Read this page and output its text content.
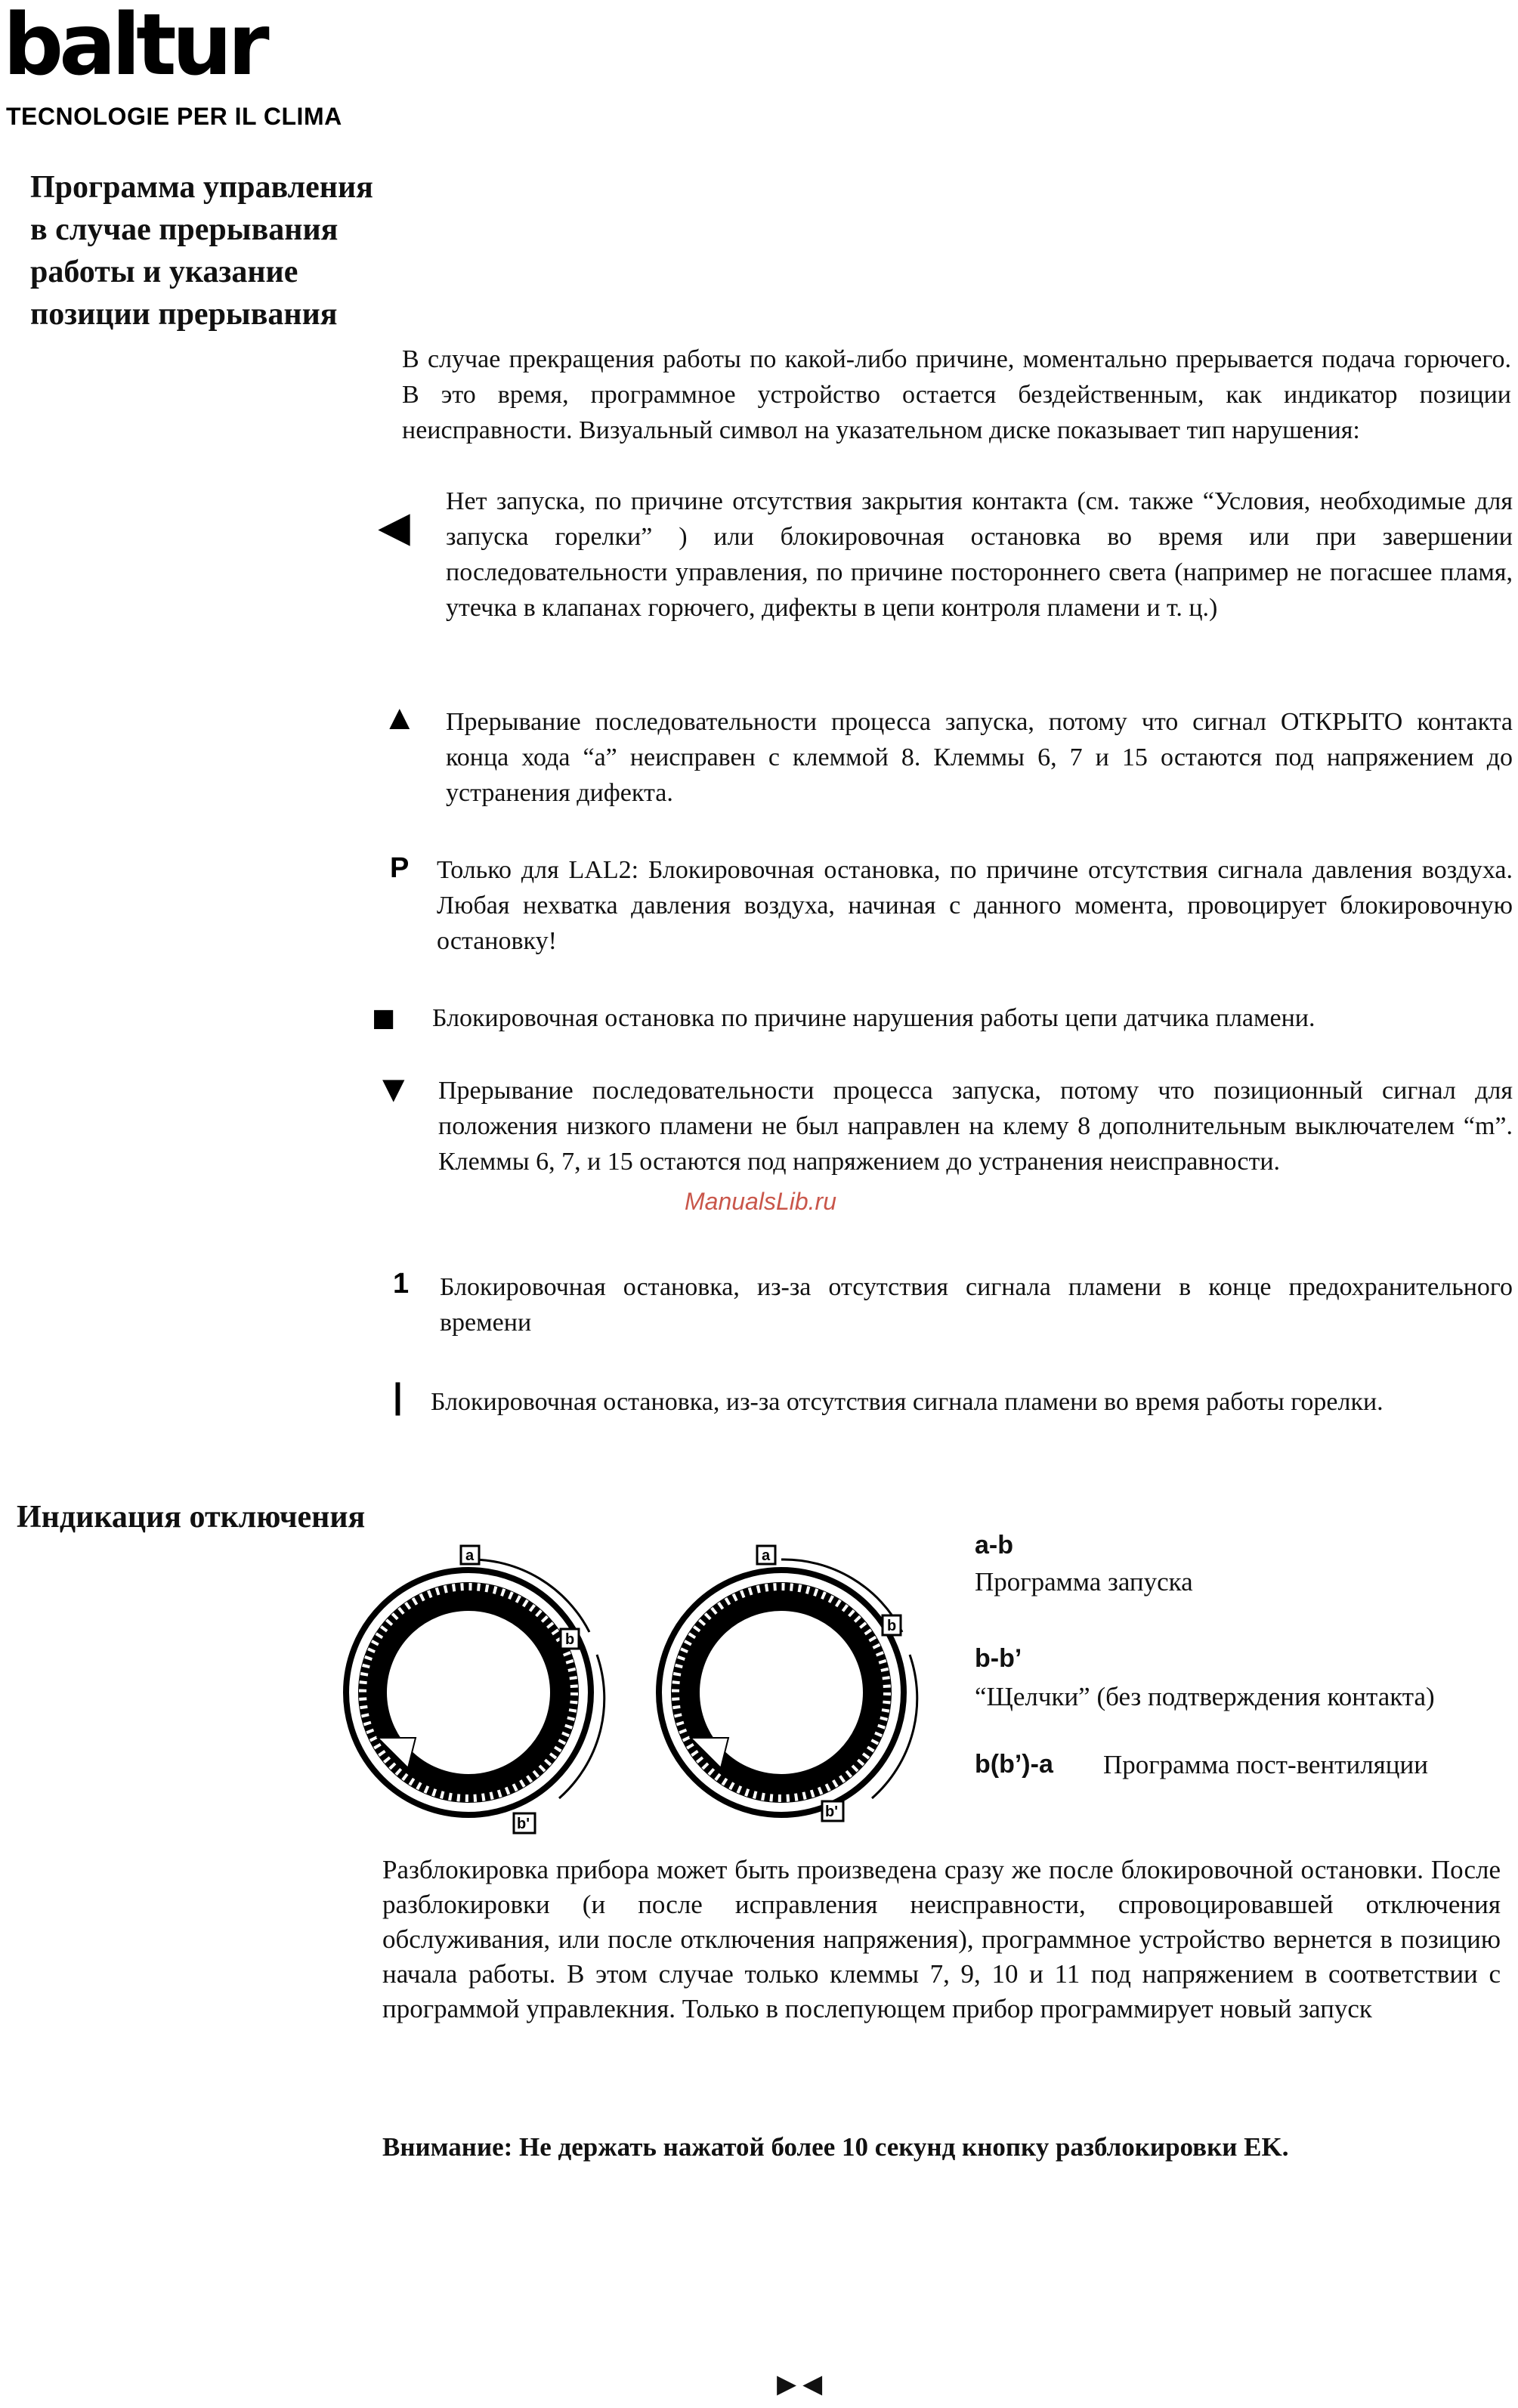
baltur
TECNOLOGIE PER IL CLIMA
Программа управления
в случае прерывания
работы и указание
позиции прерывания
В случае прекращения работы по какой-либо причине, моментально прерывается подача горючего. В это время, программное устройство остается бездейственным, как индикатор позиции неисправности. Визуальный символ на указательном диске показывает тип нарушения:
◀
Нет запуска, по причине отсутствия закрытия контакта (см. также “Условия, необходимые для запуска горелки” ) или блокировочная остановка во время или при завершении последовательности управления, по причине постороннего света (например не погасшее пламя, утечка в клапанах горючего, дифекты в цепи контроля пламени и т. ц.)
▲ Прерывание последовательности процесса запуска, потому что сигнал ОТКРЫТО контакта конца хода “a” неисправен с клеммой 8. Клеммы 6, 7 и 15 остаются под напряжением до устранения дифекта.
P Только для LAL2: Блокировочная остановка, по причине отсутствия сигнала давления воздуха. Любая нехватка давления воздуха, начиная с данного момента, провоцирует блокировочную остановку!
■ Блокировочная остановка по причине нарушения работы цепи датчика пламени.
▼ Прерывание последовательности процесса запуска, потому что позиционный сигнал для положения низкого пламени не был направлен на клему 8 дополнительным выключателем “m”. Клеммы 6, 7, и 15 остаются под напряжением до устранения неисправности.
ManualsLib.ru
1 Блокировочная остановка, из-за отсутствия сигнала пламени в конце предохранительного времени
| Блокировочная остановка, из-за отсутствия сигнала пламени во время работы горелки.
Индикация отключения
a
b
b'
a
b
b'
a-b
Программа запуска
b-b’
“Щелчки” (без подтверждения контакта)
b(b’)-a Программа пост-вентиляции
Разблокировка прибора может быть произведена сразу же после блокировочной остановки. После разблокировки (и после исправления неисправности, спровоцировавшей отключения обслуживания, или после отключения напряжения), программное устройство вернется в позицию начала работы. В этом случае только клеммы 7, 9, 10 и 11 под напряжением в соответствии с программой управлекния. Только в послепующем прибор программирует новый запуск
Внимание: Не держать нажатой более 10 секунд кнопку разблокировки EK.
▸◂
